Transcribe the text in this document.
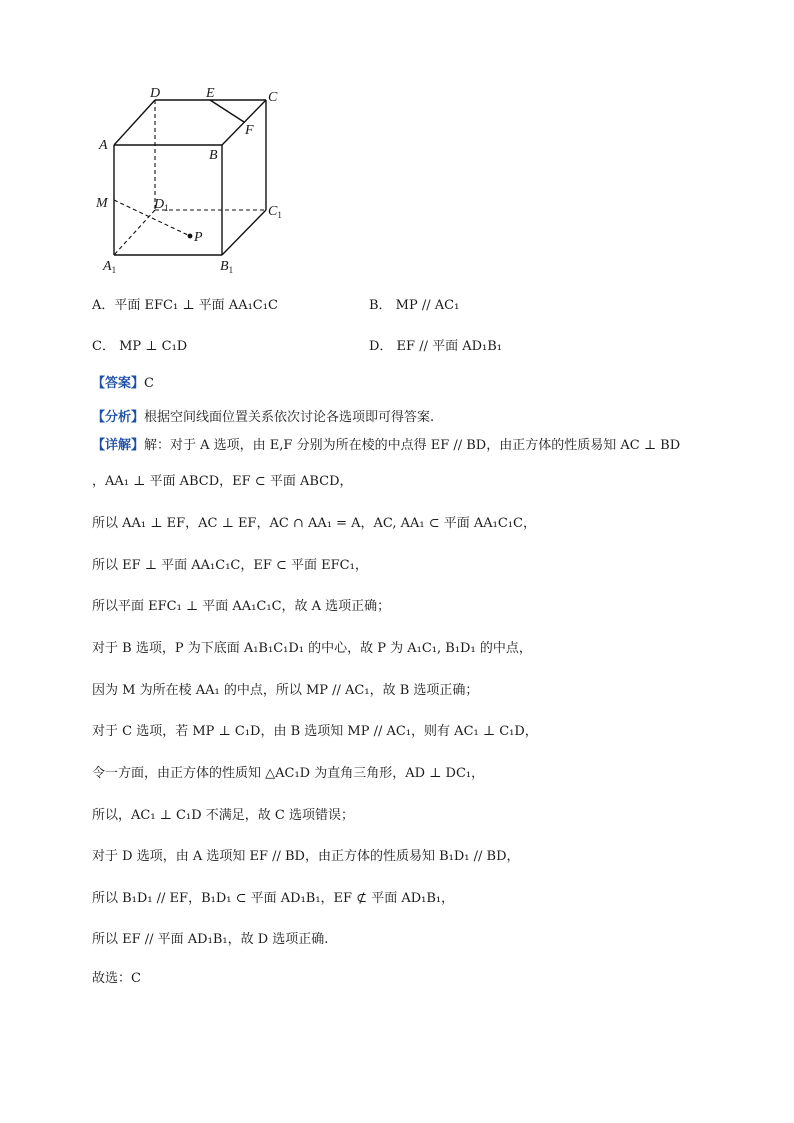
D	E	C
A
F
B
M	$D_1$	$C_1$
P
$A_1$	$B_1$
A．平面 EFC₁ ⊥ 平面 AA₁C₁C	B． MP // AC₁
C． MP ⊥ C₁D	D． EF // 平面 AD₁B₁
【答案】C
【分析】根据空间线面位置关系依次讨论各选项即可得答案.
【详解】解：对于 A 选项，由 E,F 分别为所在棱的中点得 EF // BD，由正方体的性质易知 AC ⊥ BD
，AA₁ ⊥ 平面 ABCD，EF ⊂ 平面 ABCD，
所以 AA₁ ⊥ EF，AC ⊥ EF，AC ∩ AA₁ = A，AC, AA₁ ⊂ 平面 AA₁C₁C，
所以 EF ⊥ 平面 AA₁C₁C，EF ⊂ 平面 EFC₁，
所以平面 EFC₁ ⊥ 平面 AA₁C₁C，故 A 选项正确；
对于 B 选项，P 为下底面 A₁B₁C₁D₁ 的中心，故 P 为 A₁C₁, B₁D₁ 的中点，
因为 M 为所在棱 AA₁ 的中点，所以 MP // AC₁，故 B 选项正确；
对于 C 选项，若 MP ⊥ C₁D，由 B 选项知 MP // AC₁，则有 AC₁ ⊥ C₁D，
令一方面，由正方体的性质知 △AC₁D 为直角三角形，AD ⊥ DC₁，
所以，AC₁ ⊥ C₁D 不满足，故 C 选项错误；
对于 D 选项，由 A 选项知 EF // BD，由正方体的性质易知 B₁D₁ // BD，
所以 B₁D₁ // EF，B₁D₁ ⊂ 平面 AD₁B₁，EF ⊄ 平面 AD₁B₁，
所以 EF // 平面 AD₁B₁，故 D 选项正确.
故选：C
